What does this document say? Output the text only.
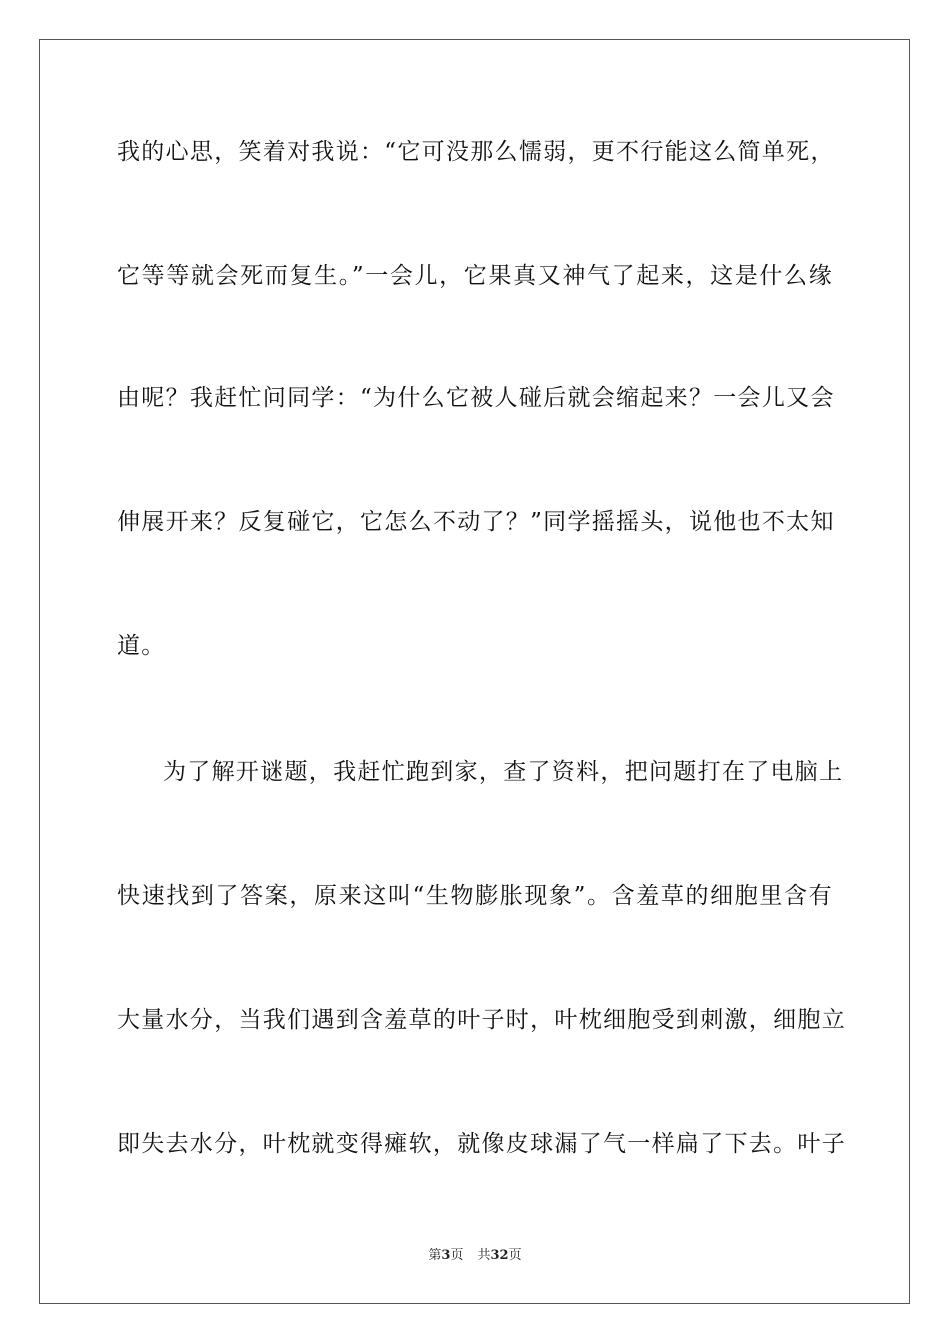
我的心思，笑着对我说：“它可没那么懦弱，更不行能这么简单死，
它等等就会死而复生。”一会儿，它果真又神气了起来，这是什么缘
由呢？我赶忙问同学：“为什么它被人碰后就会缩起来？一会儿又会
伸展开来？反复碰它，它怎么不动了？”同学摇摇头，说他也不太知
道。
为了解开谜题，我赶忙跑到家，查了资料，把问题打在了电脑上
快速找到了答案，原来这叫“生物膨胀现象”。含羞草的细胞里含有
大量水分，当我们遇到含羞草的叶子时，叶枕细胞受到刺激，细胞立
即失去水分，叶枕就变得瘫软，就像皮球漏了气一样扁了下去。叶子
第3页 共32页
